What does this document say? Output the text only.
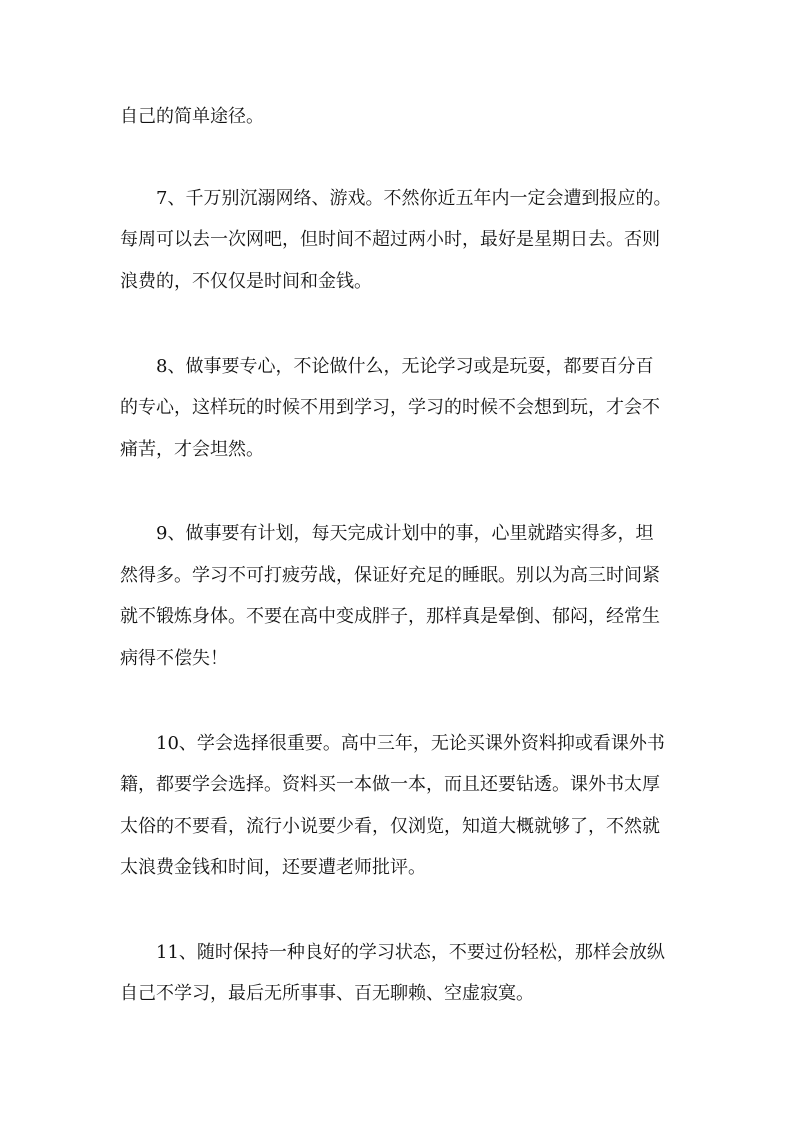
自己的简单途径。

7、千万别沉溺网络、游戏。不然你近五年内一定会遭到报应的。

每周可以去一次网吧，但时间不超过两小时，最好是星期日去。否则

浪费的，不仅仅是时间和金钱。

8、做事要专心，不论做什么，无论学习或是玩耍，都要百分百

的专心，这样玩的时候不用到学习，学习的时候不会想到玩，才会不

痛苦，才会坦然。

9、做事要有计划，每天完成计划中的事，心里就踏实得多，坦

然得多。学习不可打疲劳战，保证好充足的睡眠。别以为高三时间紧

就不锻炼身体。不要在高中变成胖子，那样真是晕倒、郁闷，经常生

病得不偿失！

10、学会选择很重要。高中三年，无论买课外资料抑或看课外书

籍，都要学会选择。资料买一本做一本，而且还要钻透。课外书太厚

太俗的不要看，流行小说要少看，仅浏览，知道大概就够了，不然就

太浪费金钱和时间，还要遭老师批评。

11、随时保持一种良好的学习状态，不要过份轻松，那样会放纵

自己不学习，最后无所事事、百无聊赖、空虚寂寞。
